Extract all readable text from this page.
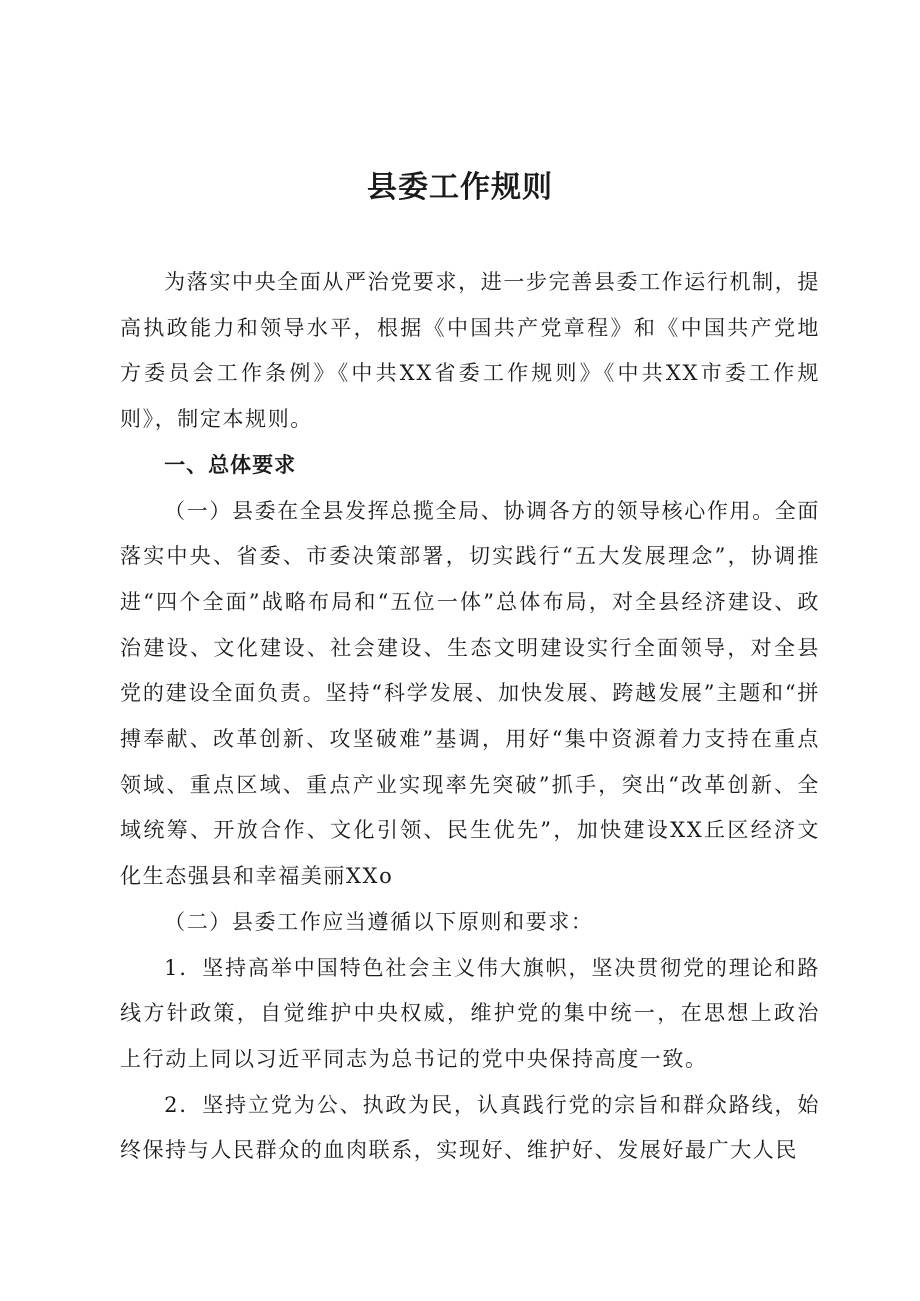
县委工作规则

为落实中央全面从严治党要求，进一步完善县委工作运行机制，提高执政能力和领导水平，根据《中国共产党章程》和《中国共产党地方委员会工作条例》《中共XX省委工作规则》《中共XX市委工作规则》，制定本规则。

一、总体要求

（一）县委在全县发挥总揽全局、协调各方的领导核心作用。全面落实中央、省委、市委决策部署，切实践行“五大发展理念”，协调推进“四个全面”战略布局和“五位一体”总体布局，对全县经济建设、政治建设、文化建设、社会建设、生态文明建设实行全面领导，对全县党的建设全面负责。坚持“科学发展、加快发展、跨越发展”主题和“拼搏奉献、改革创新、攻坚破难”基调，用好“集中资源着力支持在重点领域、重点区域、重点产业实现率先突破”抓手，突出“改革创新、全域统筹、开放合作、文化引领、民生优先”，加快建设XX丘区经济文化生态强县和幸福美丽XXo

（二）县委工作应当遵循以下原则和要求：

1．坚持高举中国特色社会主义伟大旗帜，坚决贯彻党的理论和路线方针政策，自觉维护中央权威，维护党的集中统一，在思想上政治上行动上同以习近平同志为总书记的党中央保持高度一致。

2．坚持立党为公、执政为民，认真践行党的宗旨和群众路线，始终保持与人民群众的血肉联系，实现好、维护好、发展好最广大人民
